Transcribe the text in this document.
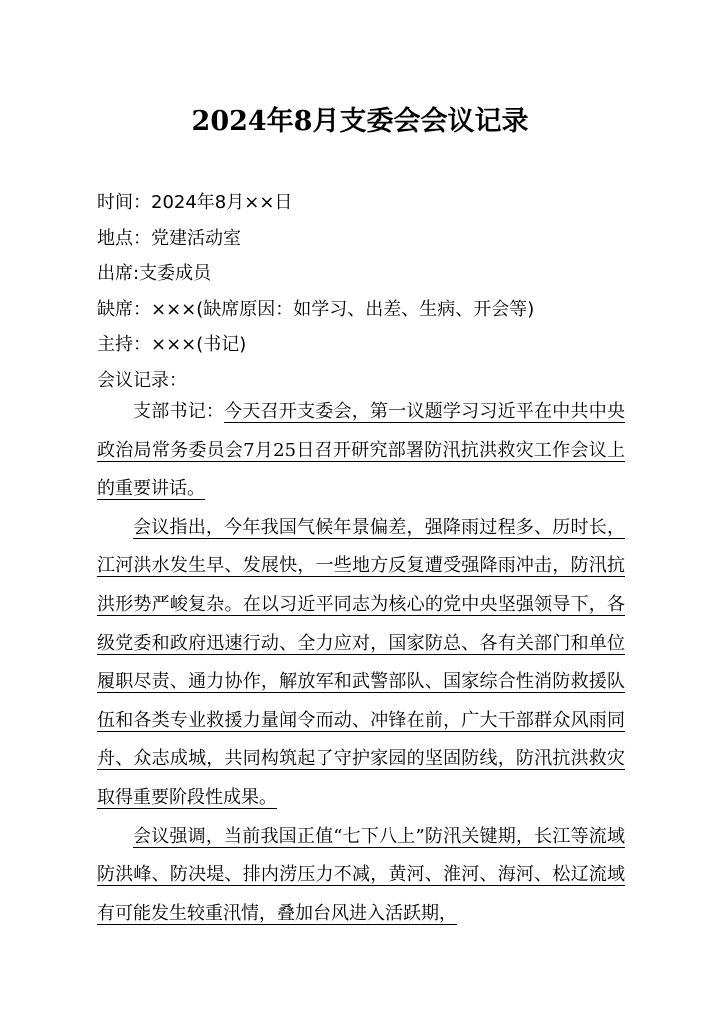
2024年8月支委会会议记录
时间：2024年8月××日
地点：党建活动室
出席:支委成员
缺席：×××(缺席原因：如学习、出差、生病、开会等)
主持：×××(书记)
会议记录：

支部书记：今天召开支委会，第一议题学习习近平在中共中央政治局常务委员会7月25日召开研究部署防汛抗洪救灾工作会议上的重要讲话。

会议指出，今年我国气候年景偏差，强降雨过程多、历时长，江河洪水发生早、发展快，一些地方反复遭受强降雨冲击，防汛抗洪形势严峻复杂。在以习近平同志为核心的党中央坚强领导下，各级党委和政府迅速行动、全力应对，国家防总、各有关部门和单位履职尽责、通力协作，解放军和武警部队、国家综合性消防救援队伍和各类专业救援力量闻令而动、冲锋在前，广大干部群众风雨同舟、众志成城，共同构筑起了守护家园的坚固防线，防汛抗洪救灾取得重要阶段性成果。

会议强调，当前我国正值“七下八上”防汛关键期，长江等流域防洪峰、防决堤、排内涝压力不减，黄河、淮河、海河、松辽流域有可能发生较重汛情，叠加台风进入活跃期，
